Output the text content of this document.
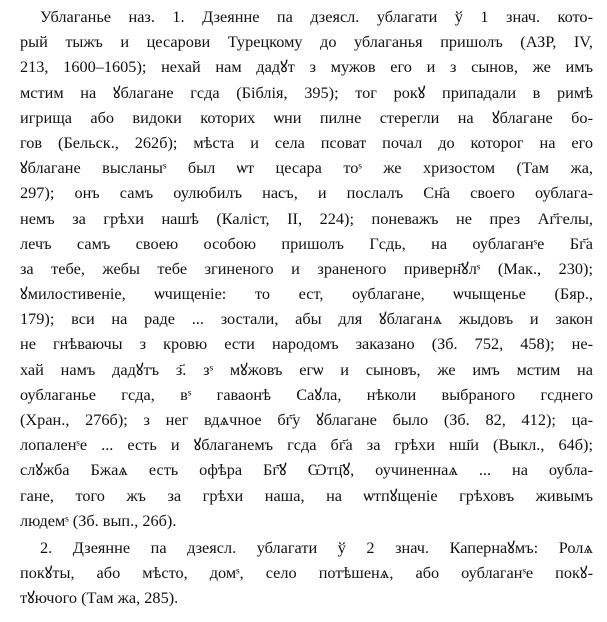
Ублаганье наз. 1. Дзеянне па дзеясл. ублагати ў 1 знач. кото-
рый тыжъ и цесарови Турецкому до ублаганья пришолъ (АЗР, IV,
213, 1600–1605); нехай нам дадꙋт з мужов его и з сынов, же имъ
мстим на ꙋблагане гсда (Біблія, 395); тог рокꙋ припадали в римѣ
игрища або видоки которих ѡни пилне стерегли на ꙋблагане бо-
гов (Бельск., 262б); мѣста и села псоват почал до которог на его
ꙋблагане высланыˢ был ѡт цесара тоˢ же хризостом (Там жа,
297); онъ самъ оулюбилъ насъ, и послалъ Сн҃а своего оублага-
немъ за грѣхи нашѣ (Каліст, II, 224); поневажъ не през Аг҃гелы,
лечъ самъ своею особою пришолъ Гсдь, на оублаганˢе Бг҃а
за тебе, жебы тебе згиненого и зраненого приверн҃ꙋлˢ (Мак., 230);
ꙋмилостивеніе, ѡчищеніе: то ест, оублагане, ѡчыщенье (Бяр.,
179); вси на раде ... зостали, абы для ꙋблаганѧ жыдовъ и закон
не гнѣваючы з кровю ести народомъ заказано (Зб. 752, 458); не-
хай намъ дадꙋтъ з҃. зˢ мꙋжовъ егѡ и сыновъ, же имъ мстим на
оублаганье гсда, вˢ гаваонѣ Саꙋла, нѣколи выбраного гсднего
(Хран., 276б); з нег вдѧчное бг҃у ꙋблагане было (Зб. 82, 412); ца-
лопаленˢе ... есть и ꙋблаганемъ гсда бг҃а за грѣхи нш҃и (Выкл., 64б);
слꙋжба Бжаѧ есть офѣра Бг҃ꙋ Ѡтц҃ꙋ, оучиненнаѧ ... на оубла-
гане, того жъ за грѣхи наша, на ѡтпꙋщеніе грѣховъ живымъ
людемˢ (Зб. вып., 26б).
2. Дзеянне па дзеясл. ублагати ў 2 знач. Капернаꙋмъ: Ролѧ
покꙋты, або мѣсто, домˢ, село потѣшенѧ, або оублаганˢе покꙋ-
тꙋючого (Там жа, 285).
